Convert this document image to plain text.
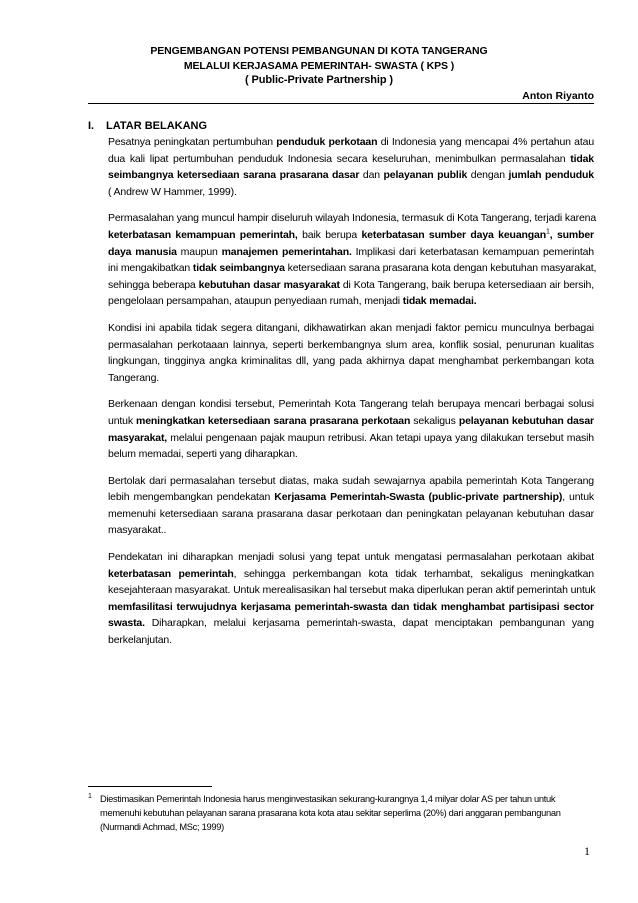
PENGEMBANGAN POTENSI PEMBANGUNAN DI KOTA TANGERANG
MELALUI KERJASAMA PEMERINTAH- SWASTA ( KPS )
( Public-Private Partnership )
Anton Riyanto
I. LATAR BELAKANG
Pesatnya peningkatan pertumbuhan penduduk perkotaan di Indonesia yang mencapai 4% pertahun atau
dua kali lipat pertumbuhan penduduk Indonesia secara keseluruhan, menimbulkan permasalahan tidak
seimbangnya ketersediaan sarana prasarana dasar dan pelayanan publik dengan jumlah penduduk
( Andrew W Hammer, 1999).
Permasalahan yang muncul hampir diseluruh wilayah Indonesia, termasuk di Kota Tangerang, terjadi karena
keterbatasan kemampuan pemerintah, baik berupa keterbatasan sumber daya keuangan$^1$, sumber
daya manusia maupun manajemen pemerintahan. Implikasi dari keterbatasan kemampuan pemerintah
ini mengakibatkan tidak seimbangnya ketersediaan sarana prasarana kota dengan kebutuhan masyarakat,
sehingga beberapa kebutuhan dasar masyarakat di Kota Tangerang, baik berupa ketersediaan air bersih,
pengelolaan persampahan, ataupun penyediaan rumah, menjadi tidak memadai.
Kondisi ini apabila tidak segera ditangani, dikhawatirkan akan menjadi faktor pemicu munculnya berbagai
permasalahan perkotaaan lainnya, seperti berkembangnya slum area, konflik sosial, penurunan kualitas
lingkungan, tingginya angka kriminalitas dll, yang pada akhirnya dapat menghambat perkembangan kota
Tangerang.
Berkenaan dengan kondisi tersebut, Pemerintah Kota Tangerang telah berupaya mencari berbagai solusi
untuk meningkatkan ketersediaan sarana prasarana perkotaan sekaligus pelayanan kebutuhan dasar
masyarakat, melalui pengenaan pajak maupun retribusi. Akan tetapi upaya yang dilakukan tersebut masih
belum memadai, seperti yang diharapkan.
Bertolak dari permasalahan tersebut diatas, maka sudah sewajarnya apabila pemerintah Kota Tangerang
lebih mengembangkan pendekatan Kerjasama Pemerintah-Swasta (public-private partnership), untuk
memenuhi ketersediaan sarana prasarana dasar perkotaan dan peningkatan pelayanan kebutuhan dasar
masyarakat..
Pendekatan ini diharapkan menjadi solusi yang tepat untuk mengatasi permasalahan perkotaan akibat
keterbatasan pemerintah, sehingga perkembangan kota tidak terhambat, sekaligus meningkatkan
kesejahteraan masyarakat. Untuk merealisasikan hal tersebut maka diperlukan peran aktif pemerintah untuk
memfasilitasi terwujudnya kerjasama pemerintah-swasta dan tidak menghambat partisipasi sector
swasta. Diharapkan, melalui kerjasama pemerintah-swasta, dapat menciptakan pembangunan yang
berkelanjutan.
1 Diestimasikan Pemerintah Indonesia harus menginvestasikan sekurang-kurangnya 1,4 milyar dolar AS per tahun untuk
memenuhi kebutuhan pelayanan sarana prasarana kota kota atau sekitar seperlima (20%) dari anggaran pembangunan
(Nurmandi Achmad, MSc; 1999)
1
